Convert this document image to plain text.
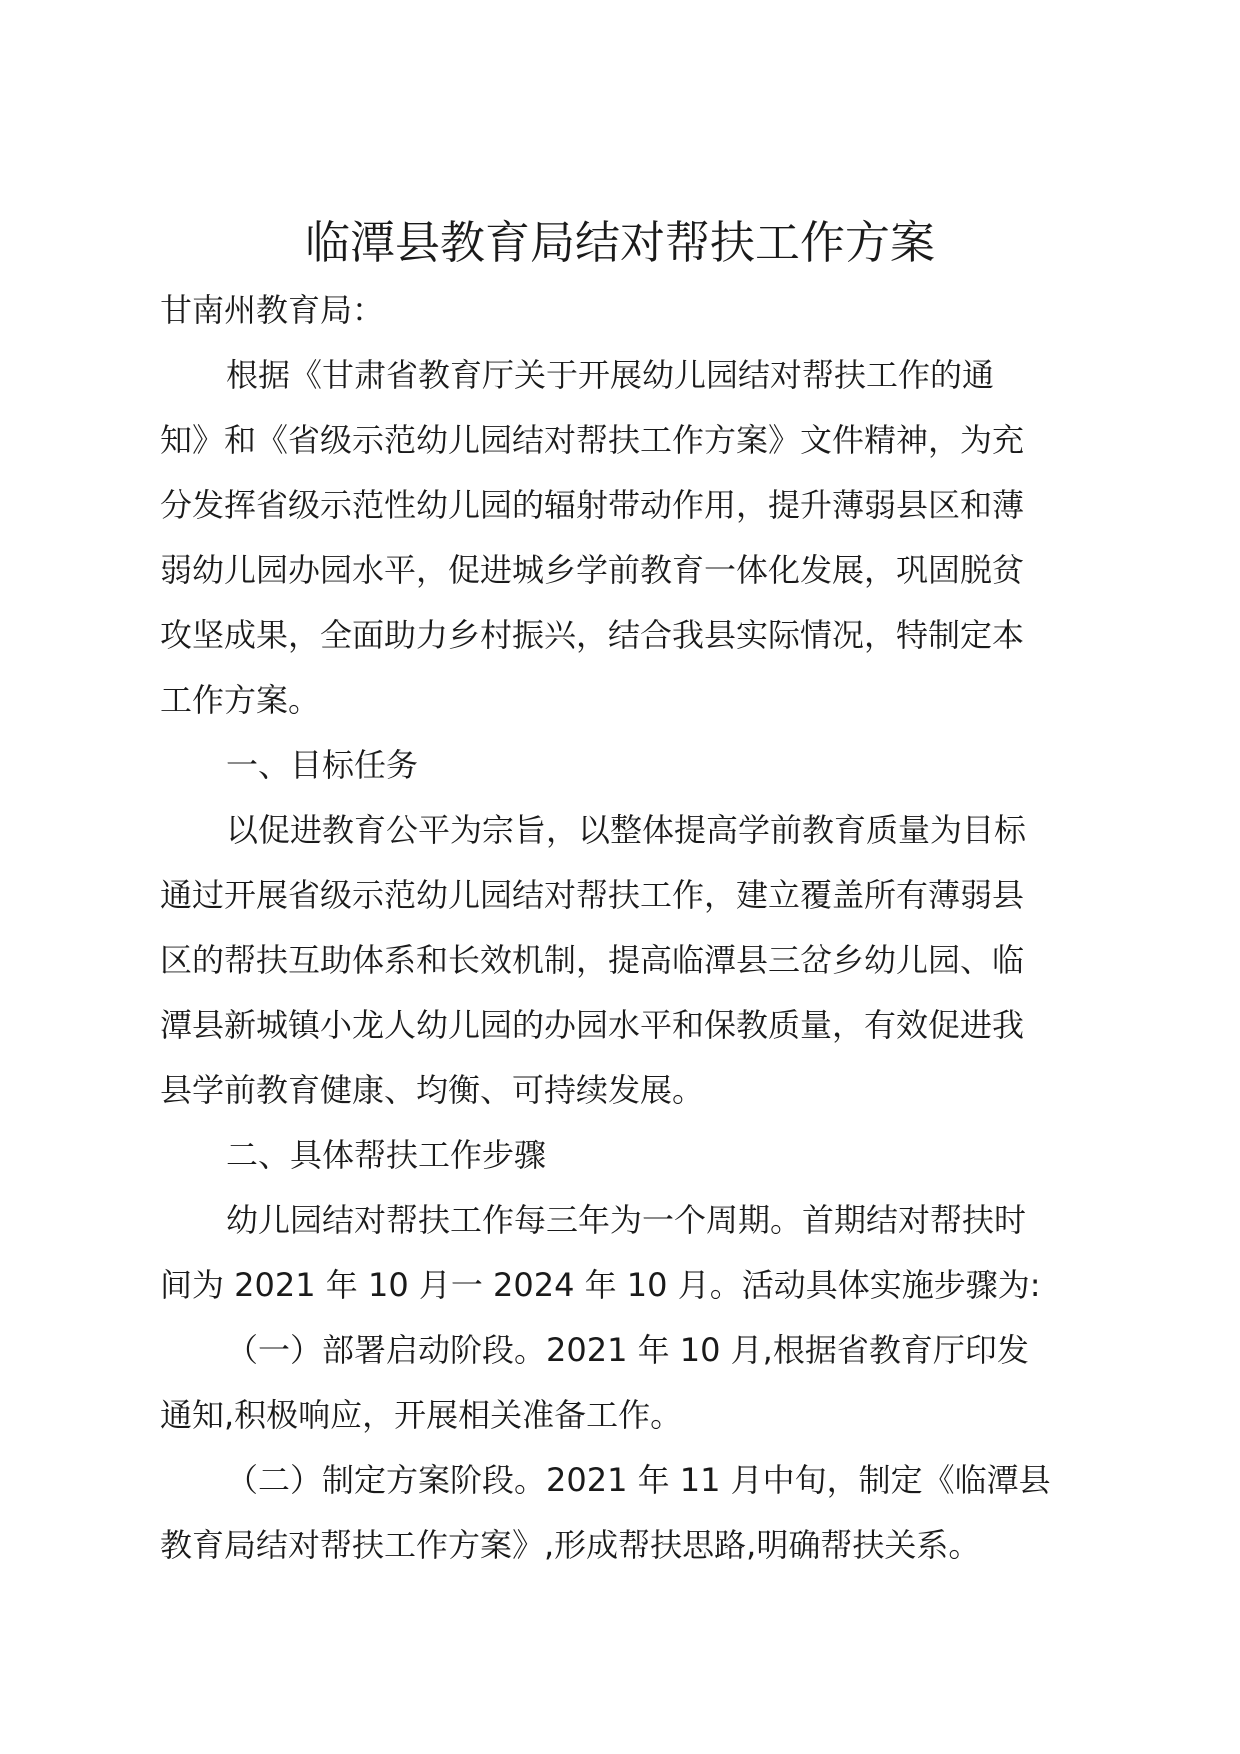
临潭县教育局结对帮扶工作方案
甘南州教育局：
根据《甘肃省教育厅关于开展幼儿园结对帮扶工作的通
知》和《省级示范幼儿园结对帮扶工作方案》文件精神，为充
分发挥省级示范性幼儿园的辐射带动作用，提升薄弱县区和薄
弱幼儿园办园水平，促进城乡学前教育一体化发展，巩固脱贫
攻坚成果，全面助力乡村振兴，结合我县实际情况，特制定本
工作方案。
一、目标任务
以促进教育公平为宗旨，以整体提高学前教育质量为目标
通过开展省级示范幼儿园结对帮扶工作，建立覆盖所有薄弱县
区的帮扶互助体系和长效机制，提高临潭县三岔乡幼儿园、临
潭县新城镇小龙人幼儿园的办园水平和保教质量，有效促进我
县学前教育健康、均衡、可持续发展。
二、具体帮扶工作步骤
幼儿园结对帮扶工作每三年为一个周期。首期结对帮扶时
间为 2021 年 10 月一 2024 年 10 月。活动具体实施步骤为:
（一）部署启动阶段。2021 年 10 月,根据省教育厅印发
通知,积极响应，开展相关准备工作。
（二）制定方案阶段。2021 年 11 月中旬，制定《临潭县
教育局结对帮扶工作方案》,形成帮扶思路,明确帮扶关系。
